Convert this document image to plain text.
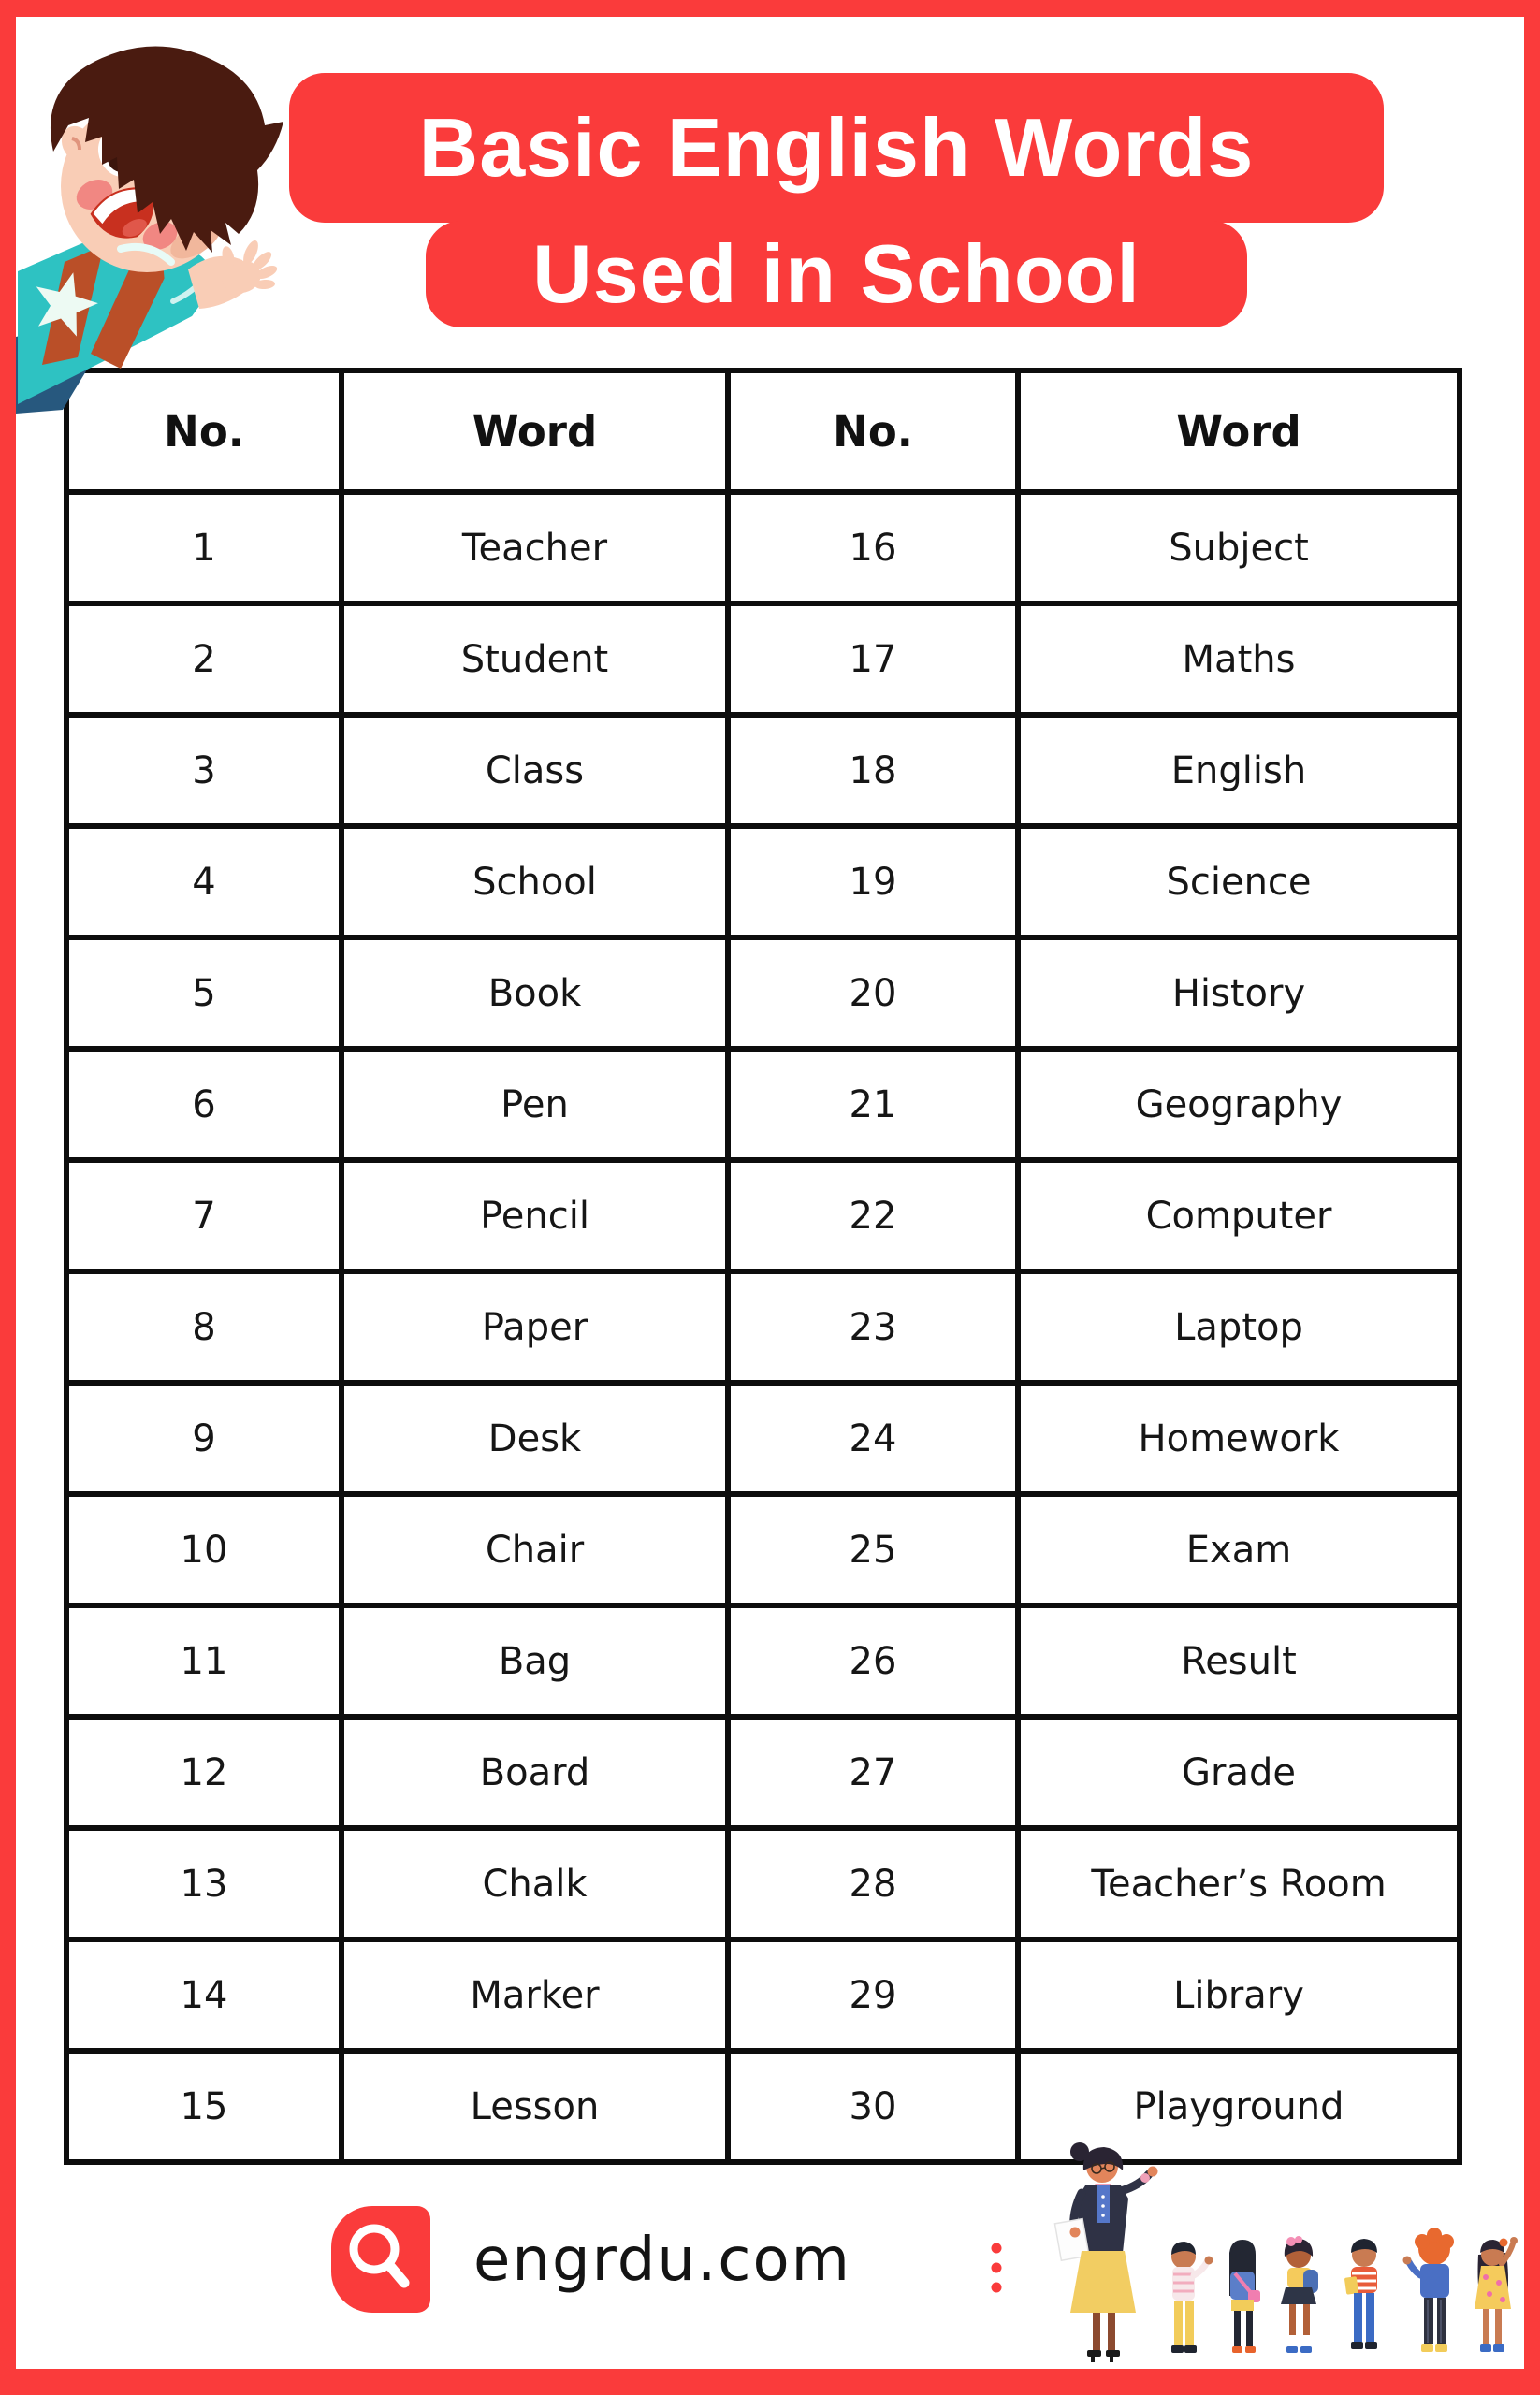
Basic English Words
Used in School
No.	Word	No.	Word
1	Teacher	16	Subject
2	Student	17	Maths
3	Class	18	English
4	School	19	Science
5	Book	20	History
6	Pen	21	Geography
7	Pencil	22	Computer
8	Paper	23	Laptop
9	Desk	24	Homework
10	Chair	25	Exam
11	Bag	26	Result
12	Board	27	Grade
13	Chalk	28	Teacher’s Room
14	Marker	29	Library
15	Lesson	30	Playground
engrdu.com
